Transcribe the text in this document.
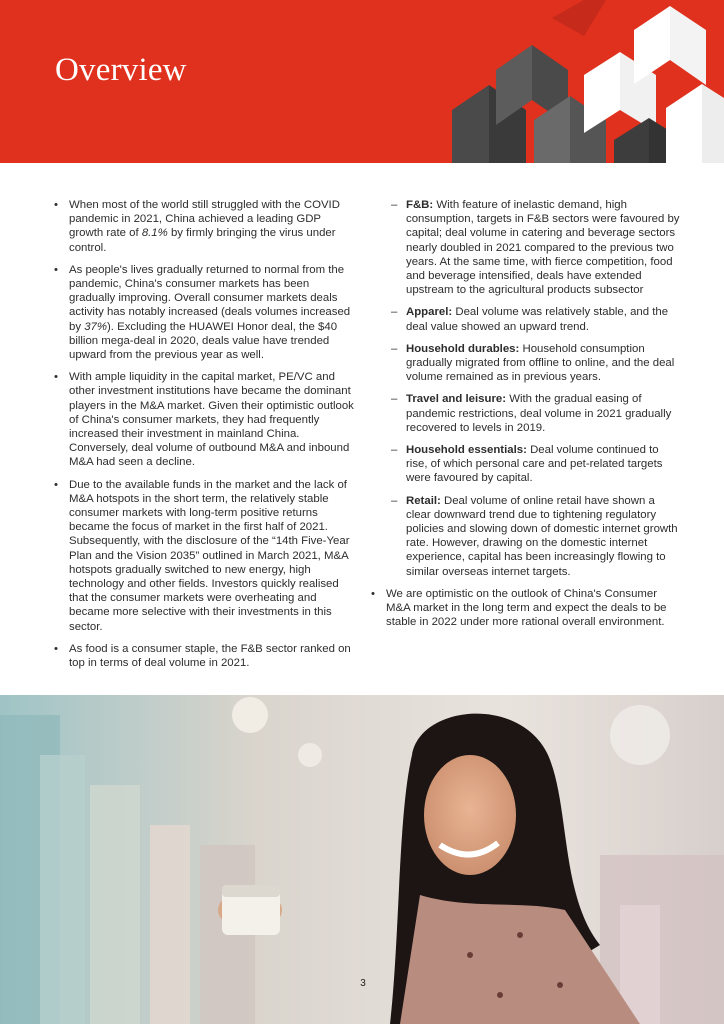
Overview
• When most of the world still struggled with the COVID pandemic in 2021, China achieved a leading GDP growth rate of 8.1% by firmly bringing the virus under control.
• As people's lives gradually returned to normal from the pandemic, China's consumer markets has been gradually improving. Overall consumer markets deals activity has notably increased (deals volumes increased by 37%). Excluding the HUAWEI Honor deal, the $40 billion mega-deal in 2020, deals value have trended upward from the previous year as well.
• With ample liquidity in the capital market, PE/VC and other investment institutions have became the dominant players in the M&A market. Given their optimistic outlook of China's consumer markets, they had frequently increased their investment in mainland China. Conversely, deal volume of outbound M&A and inbound M&A had seen a decline.
• Due to the available funds in the market and the lack of M&A hotspots in the short term, the relatively stable consumer markets with long-term positive returns became the focus of market in the first half of 2021. Subsequently, with the disclosure of the “14th Five-Year Plan and the Vision 2035” outlined in March 2021, M&A hotspots gradually switched to new energy, high technology and other fields. Investors quickly realised that the consumer markets were overheating and became more selective with their investments in this sector.
• As food is a consumer staple, the F&B sector ranked on top in terms of deal volume in 2021.
– F&B: With feature of inelastic demand, high consumption, targets in F&B sectors were favoured by capital; deal volume in catering and beverage sectors nearly doubled in 2021 compared to the previous two years. At the same time, with fierce competition, food and beverage intensified, deals have extended upstream to the agricultural products subsector
– Apparel: Deal volume was relatively stable, and the deal value showed an upward trend.
– Household durables: Household consumption gradually migrated from offline to online, and the deal volume remained as in previous years.
– Travel and leisure: With the gradual easing of pandemic restrictions, deal volume in 2021 gradually recovered to levels in 2019.
– Household essentials: Deal volume continued to rise, of which personal care and pet-related targets were favoured by capital.
– Retail: Deal volume of online retail have shown a clear downward trend due to tightening regulatory policies and slowing down of domestic internet growth rate. However, drawing on the domestic internet experience, capital has been increasingly flowing to similar overseas internet targets.
• We are optimistic on the outlook of China's Consumer M&A market in the long term and expect the deals to be stable in 2022 under more rational overall environment.
3
